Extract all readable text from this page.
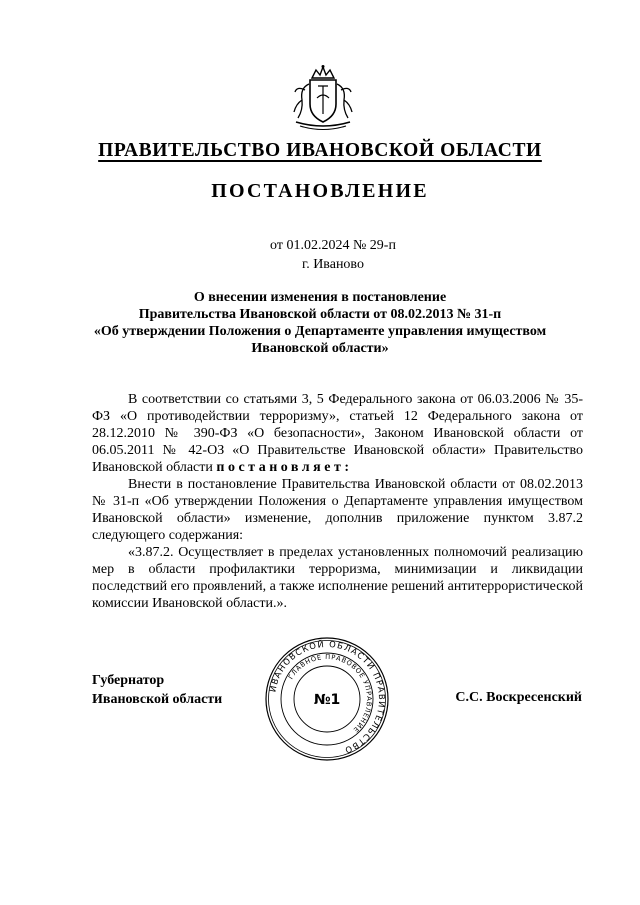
ПРАВИТЕЛЬСТВО ИВАНОВСКОЙ ОБЛАСТИ
ПОСТАНОВЛЕНИЕ
от 01.02.2024 № 29-п
г. Иваново
О внесении изменения в постановление
Правительства Ивановской области от 08.02.2013 № 31-п
«Об утверждении Положения о Департаменте управления имуществом
Ивановской области»

В соответствии со статьями 3, 5 Федерального закона от 06.03.2006 № 35-ФЗ «О противодействии терроризму», статьей 12 Федерального закона от 28.12.2010 № 390-ФЗ «О безопасности», Законом Ивановской области от 06.05.2011 № 42-ОЗ «О Правительстве Ивановской области» Правительство Ивановской области постановляет:

Внести в постановление Правительства Ивановской области от 08.02.2013 № 31-п «Об утверждении Положения о Департаменте управления имуществом Ивановской области» изменение, дополнив приложение пунктом 3.87.2 следующего содержания:

«3.87.2. Осуществляет в пределах установленных полномочий реализацию мер в области профилактики терроризма, минимизации и ликвидации последствий его проявлений, а также исполнение решений антитеррористической комиссии Ивановской области.».

Губернатор
Ивановской области	С.С. Воскресенский
ИВАНОВСКОЙ ОБЛАСТИ ПРАВИТЕЛЬСТВО
ГЛАВНОЕ ПРАВОВОЕ УПРАВЛЕНИЕ
№1
